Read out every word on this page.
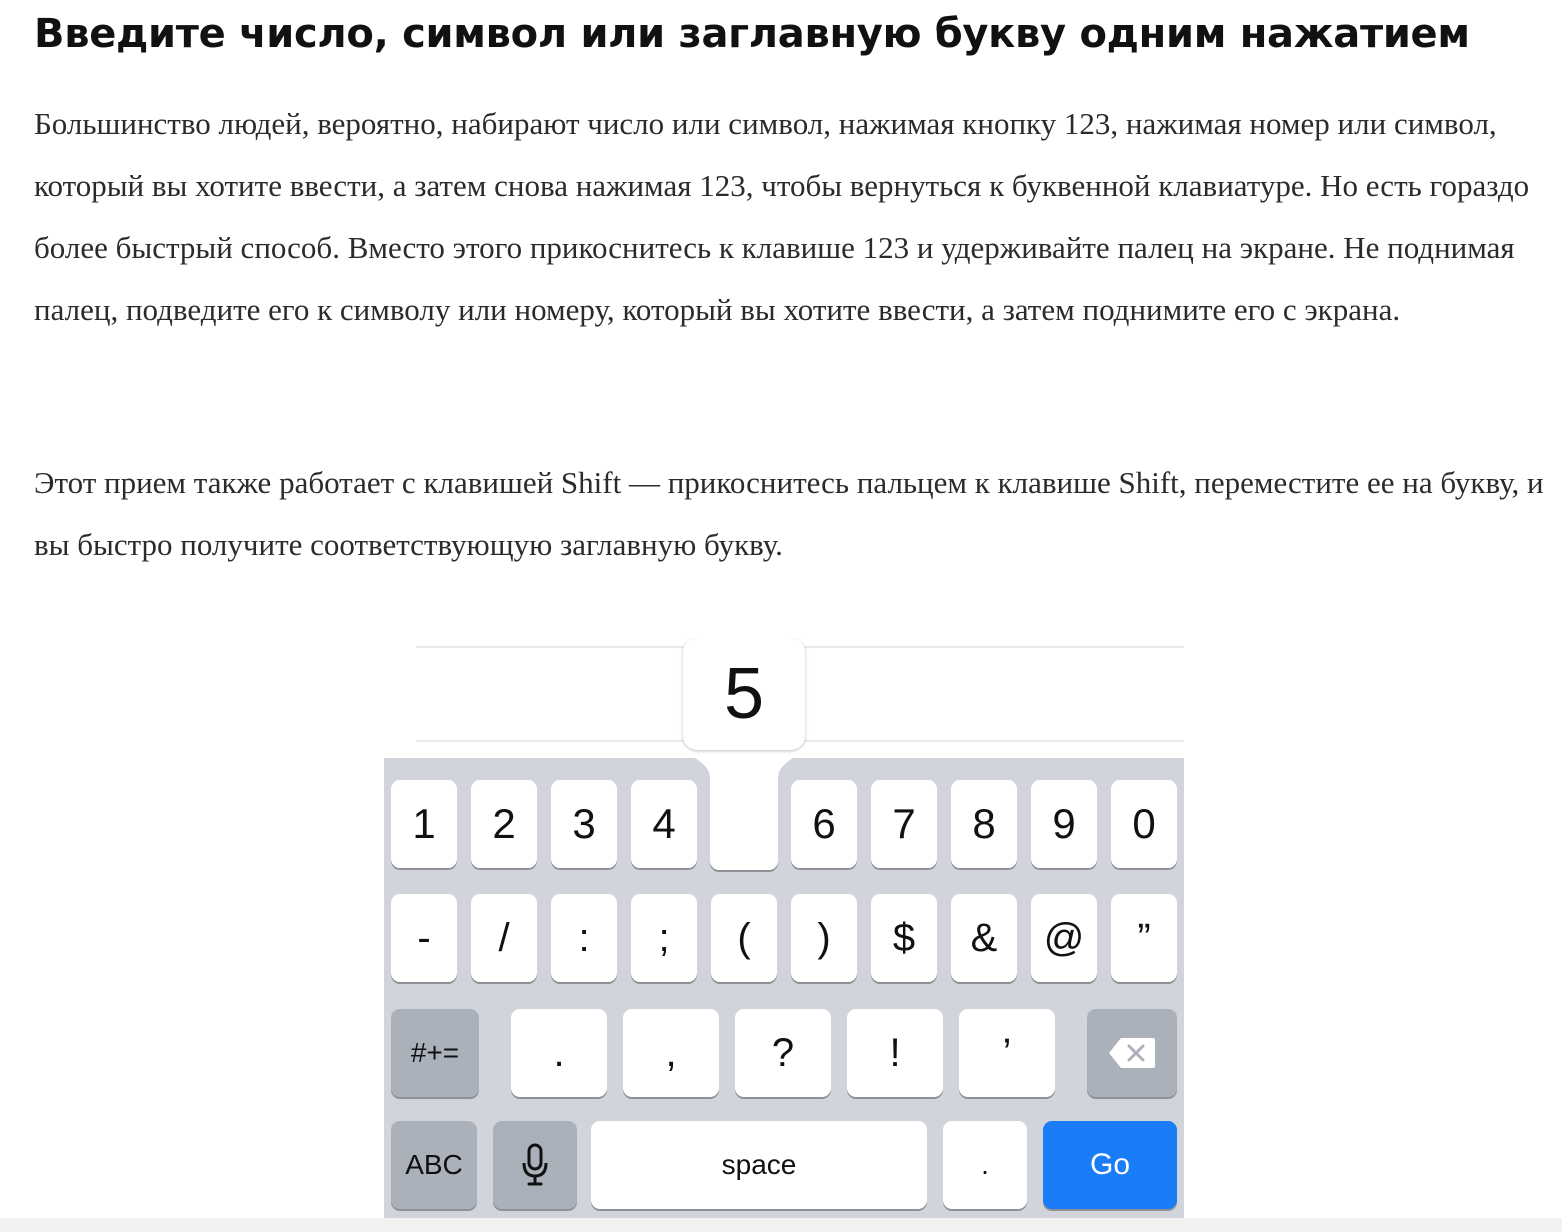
Введите число, символ или заглавную букву одним нажатием

Большинство людей, вероятно, набирают число или символ, нажимая кнопку 123, нажимая номер или символ, который вы хотите ввести, а затем снова нажимая 123, чтобы вернуться к буквенной клавиатуре. Но есть гораздо более быстрый способ. Вместо этого прикоснитесь к клавише 123 и удерживайте палец на экране. Не поднимая палец, подведите его к символу или номеру, который вы хотите ввести, а затем поднимите его с экрана.

Этот прием также работает с клавишей Shift — прикоснитесь пальцем к клавише Shift, переместите ее на букву, и вы быстро получите соответствующую заглавную букву.

5
1	2	3	4	6	7	8	9	0
-	/	:	;	(	)	$	&	@	”
#+=	.	,	?	!	’
ABC	space	.	Go
